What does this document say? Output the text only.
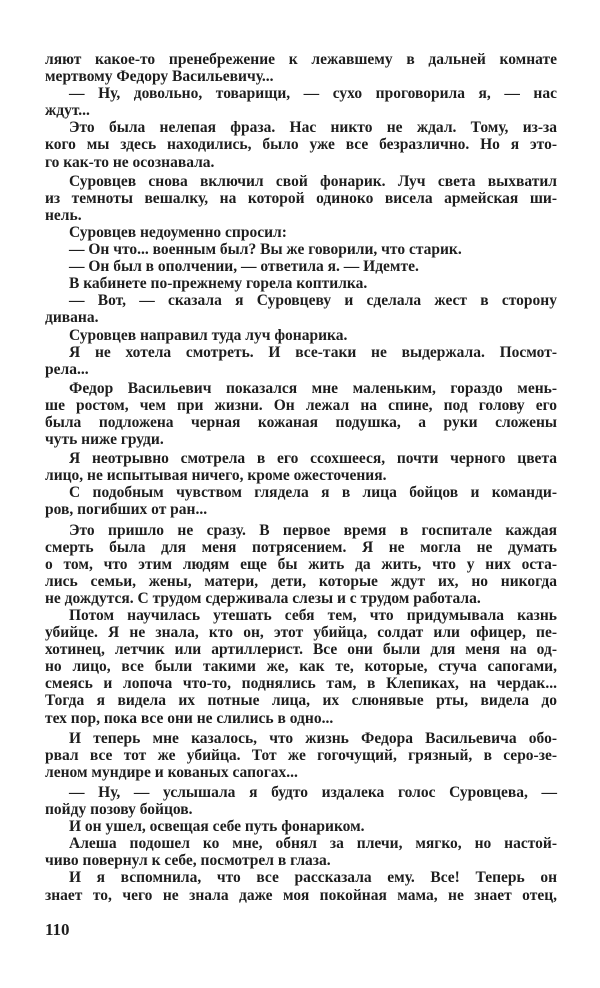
ляют какое-то пренебрежение к лежавшему в дальней комнате
мертвому Федору Васильевичу...
— Ну, довольно, товарищи, — сухо проговорила я, — нас
ждут...
Это была нелепая фраза. Нас никто не ждал. Тому, из-за
кого мы здесь находились, было уже все безразлично. Но я это-
го как-то не осознавала.
Суровцев снова включил свой фонарик. Луч света выхватил
из темноты вешалку, на которой одиноко висела армейская ши-
нель.
Суровцев недоуменно спросил:
— Он что... военным был? Вы же говорили, что старик.
— Он был в ополчении, — ответила я. — Идемте.
В кабинете по-прежнему горела коптилка.
— Вот, — сказала я Суровцеву и сделала жест в сторону
дивана.
Суровцев направил туда луч фонарика.
Я не хотела смотреть. И все-таки не выдержала. Посмот-
рела...
Федор Васильевич показался мне маленьким, гораздо мень-
ше ростом, чем при жизни. Он лежал на спине, под голову его
была подложена черная кожаная подушка, а руки сложены
чуть ниже груди.
Я неотрывно смотрела в его ссохшееся, почти черного цвета
лицо, не испытывая ничего, кроме ожесточения.
С подобным чувством глядела я в лица бойцов и команди-
ров, погибших от ран...
Это пришло не сразу. В первое время в госпитале каждая
смерть была для меня потрясением. Я не могла не думать
о том, что этим людям еще бы жить да жить, что у них оста-
лись семьи, жены, матери, дети, которые ждут их, но никогда
не дождутся. С трудом сдерживала слезы и с трудом работала.
Потом научилась утешать себя тем, что придумывала казнь
убийце. Я не знала, кто он, этот убийца, солдат или офицер, пе-
хотинец, летчик или артиллерист. Все они были для меня на од-
но лицо, все были такими же, как те, которые, стуча сапогами,
смеясь и лопоча что-то, поднялись там, в Клепиках, на чердак...
Тогда я видела их потные лица, их слюнявые рты, видела до
тех пор, пока все они не слились в одно...
И теперь мне казалось, что жизнь Федора Васильевича обо-
рвал все тот же убийца. Тот же гогочущий, грязный, в серо-зе-
леном мундире и кованых сапогах...
— Ну, — услышала я будто издалека голос Суровцева, —
пойду позову бойцов.
И он ушел, освещая себе путь фонариком.
Алеша подошел ко мне, обнял за плечи, мягко, но настой-
чиво повернул к себе, посмотрел в глаза.
И я вспомнила, что все рассказала ему. Все! Теперь он
знает то, чего не знала даже моя покойная мама, не знает отец,
110
